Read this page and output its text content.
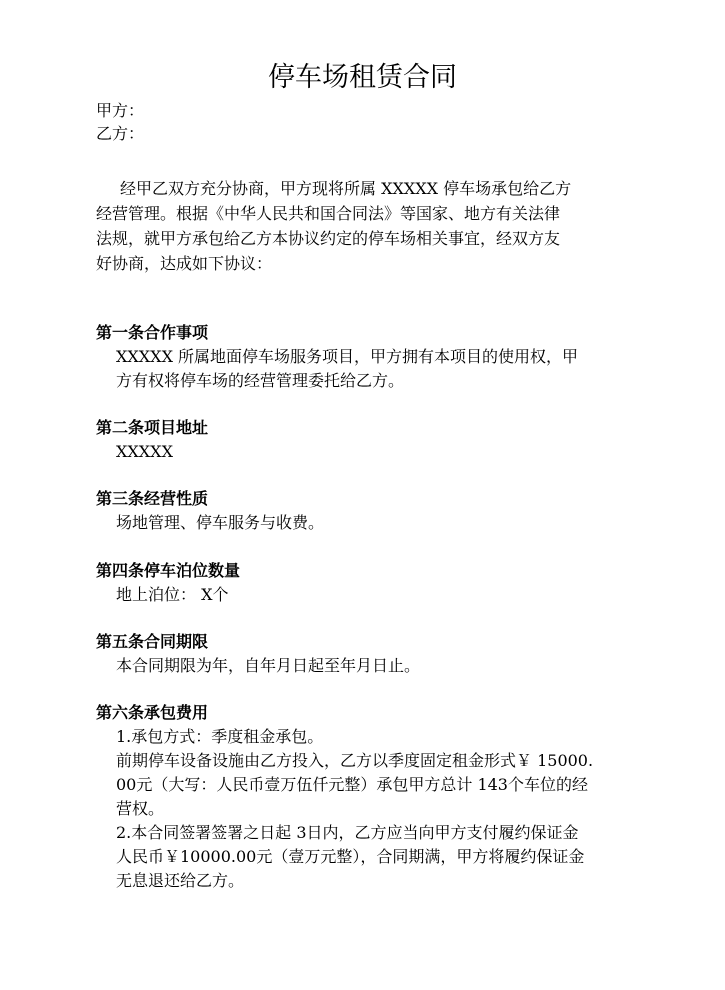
停车场租赁合同
甲方：
乙方：

经甲乙双方充分协商，甲方现将所属 XXXXX 停车场承包给乙方
经营管理。根据《中华人民共和国合同法》等国家、地方有关法律
法规，就甲方承包给乙方本协议约定的停车场相关事宜，经双方友
好协商，达成如下协议：

第一条合作事项
XXXXX 所属地面停车场服务项目，甲方拥有本项目的使用权，甲
方有权将停车场的经营管理委托给乙方。
第二条项目地址
XXXXX
第三条经营性质
场地管理、停车服务与收费。
第四条停车泊位数量
地上泊位： X个
第五条合同期限
本合同期限为年，自年月日起至年月日止。
第六条承包费用
1.承包方式：季度租金承包。
前期停车设备设施由乙方投入，乙方以季度固定租金形式￥ 15000.
00元（大写：人民币壹万伍仟元整）承包甲方总计 143个车位的经
营权。
2.本合同签署签署之日起 3日内，乙方应当向甲方支付履约保证金
人民币￥10000.00元（壹万元整），合同期满，甲方将履约保证金
无息退还给乙方。
